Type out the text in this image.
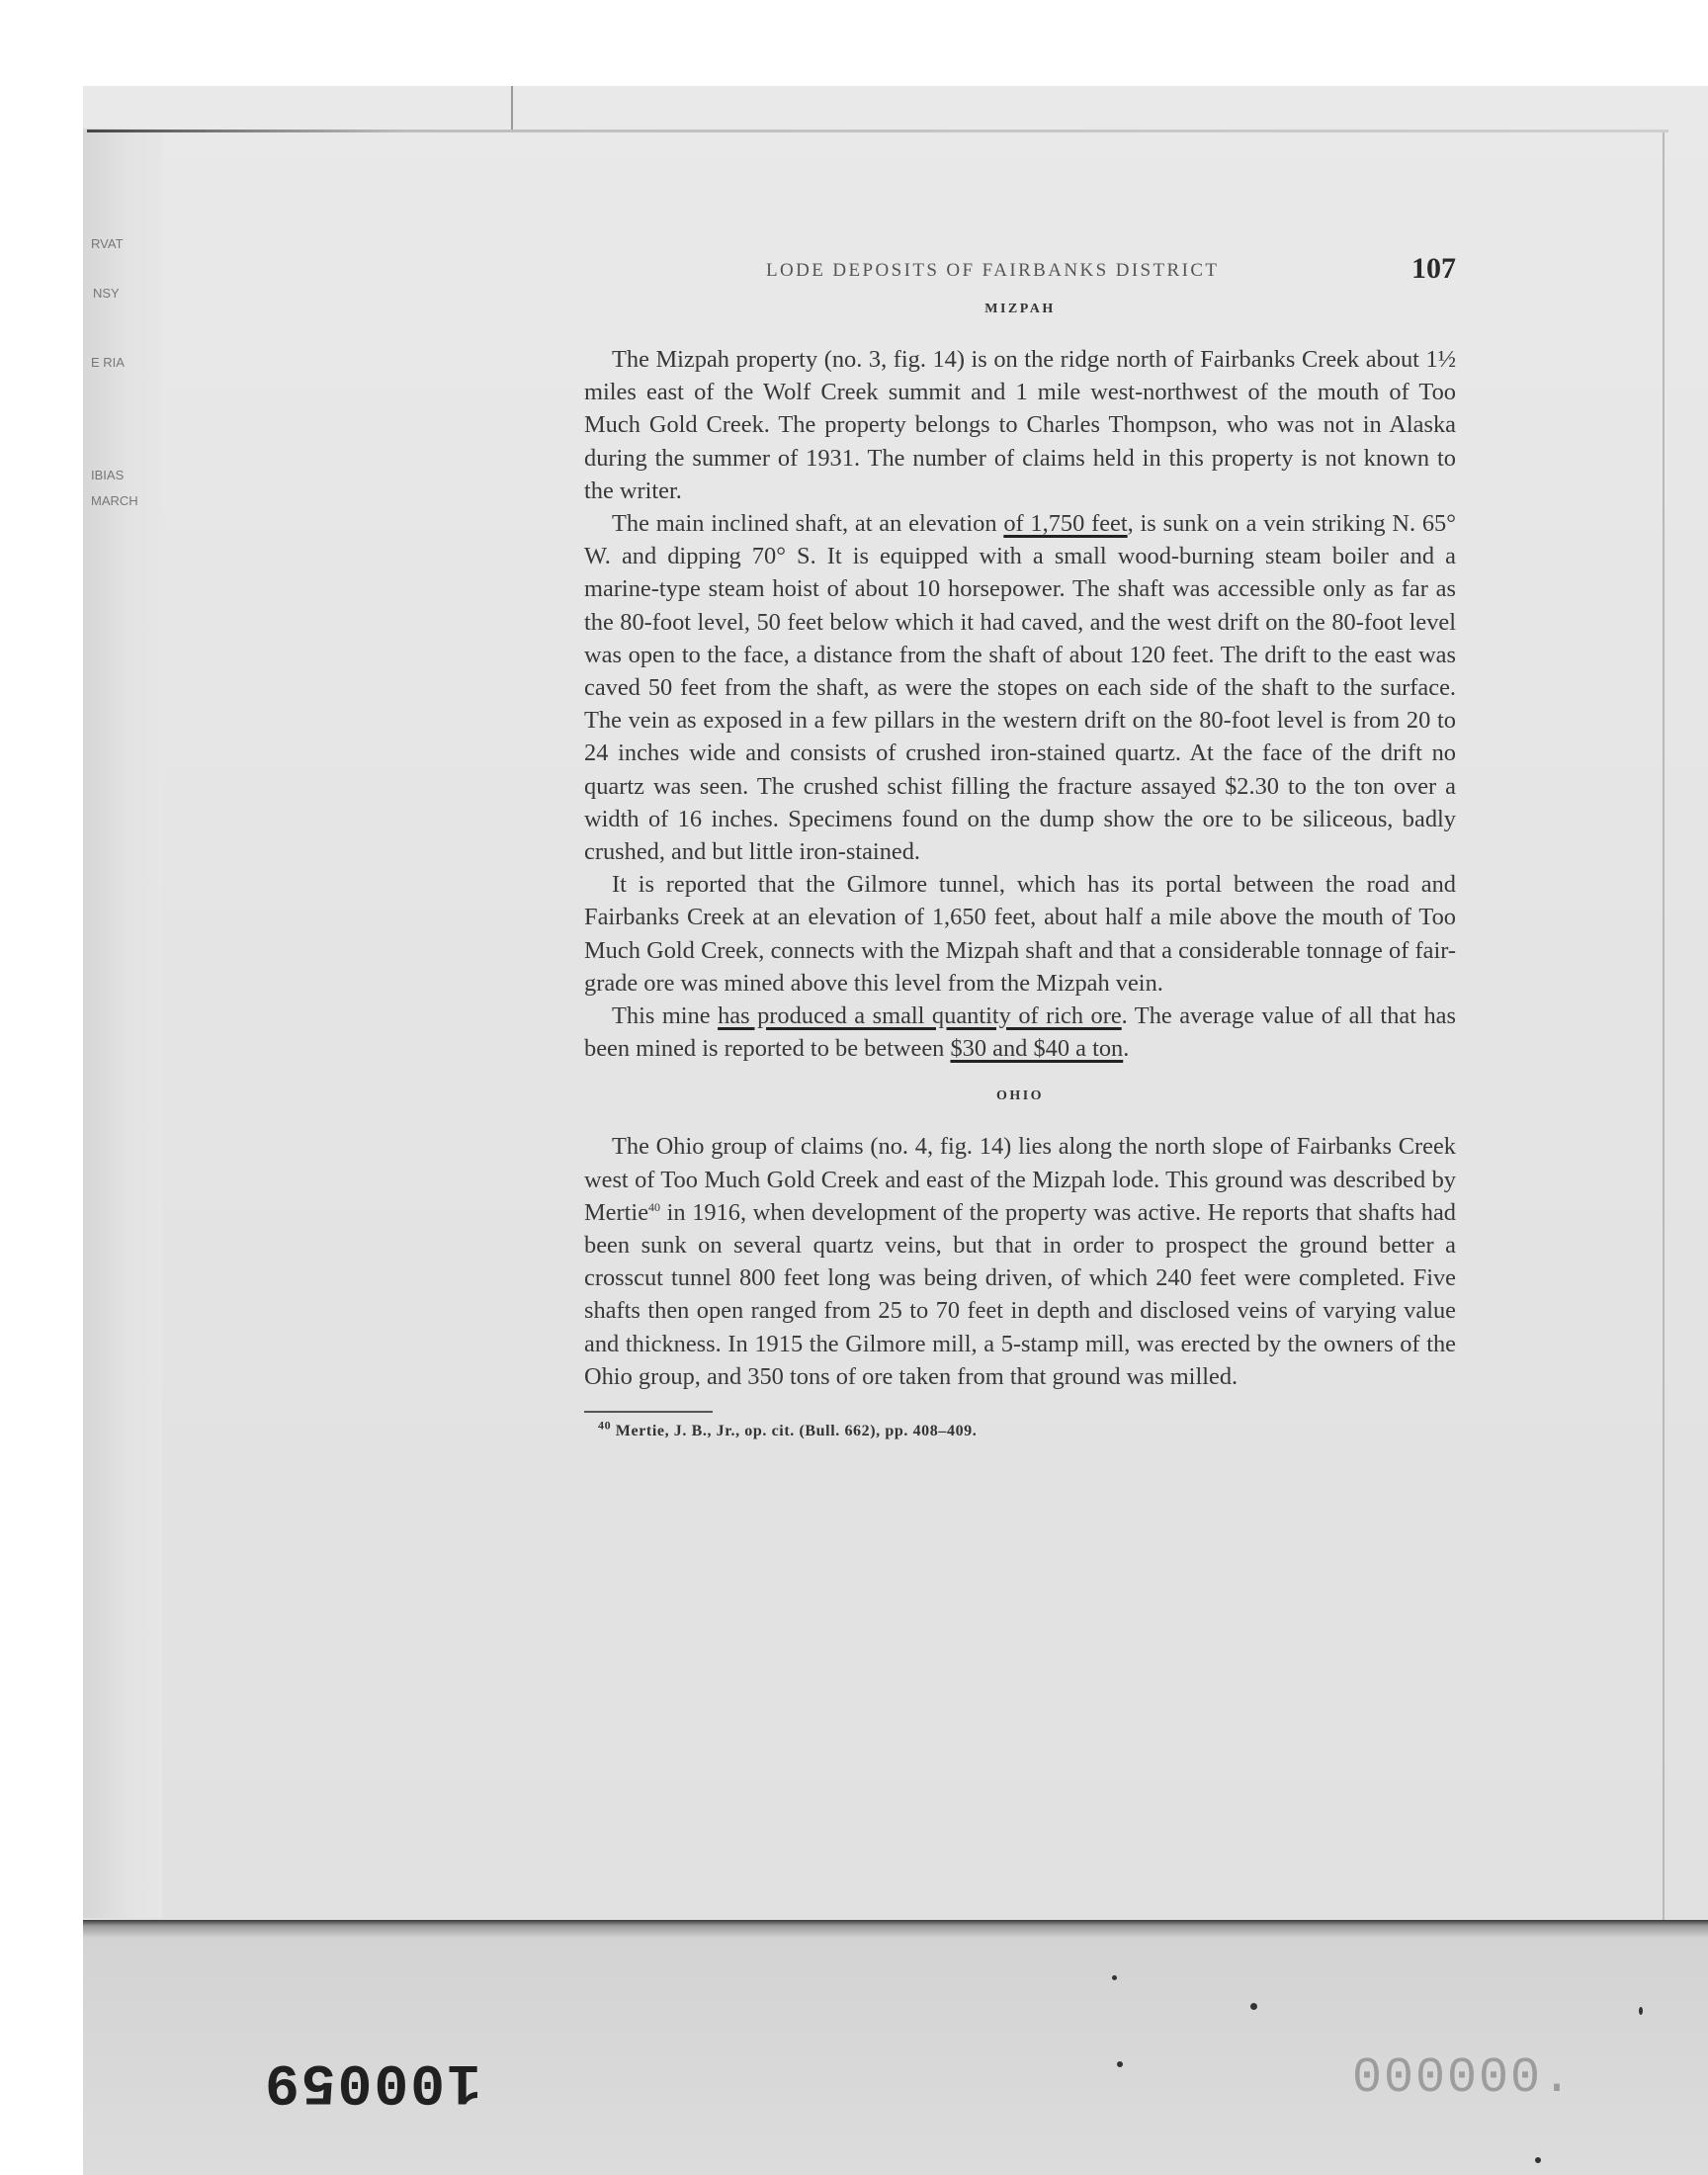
RVAT
NSY
E RIA
IBIAS
MARCH
LODE DEPOSITS OF FAIRBANKS DISTRICT	107
MIZPAH

The Mizpah property (no. 3, fig. 14) is on the ridge north of Fairbanks Creek about 1½ miles east of the Wolf Creek summit and 1 mile west-northwest of the mouth of Too Much Gold Creek. The property belongs to Charles Thompson, who was not in Alaska during the summer of 1931. The number of claims held in this property is not known to the writer.

The main inclined shaft, at an elevation of 1,750 feet, is sunk on a vein striking N. 65° W. and dipping 70° S. It is equipped with a small wood-burning steam boiler and a marine-type steam hoist of about 10 horsepower. The shaft was accessible only as far as the 80-foot level, 50 feet below which it had caved, and the west drift on the 80-foot level was open to the face, a distance from the shaft of about 120 feet. The drift to the east was caved 50 feet from the shaft, as were the stopes on each side of the shaft to the surface. The vein as exposed in a few pillars in the western drift on the 80-foot level is from 20 to 24 inches wide and consists of crushed iron-stained quartz. At the face of the drift no quartz was seen. The crushed schist filling the fracture assayed $2.30 to the ton over a width of 16 inches. Specimens found on the dump show the ore to be siliceous, badly crushed, and but little iron-stained.

It is reported that the Gilmore tunnel, which has its portal between the road and Fairbanks Creek at an elevation of 1,650 feet, about half a mile above the mouth of Too Much Gold Creek, connects with the Mizpah shaft and that a considerable tonnage of fair-grade ore was mined above this level from the Mizpah vein.

This mine has produced a small quantity of rich ore. The average value of all that has been mined is reported to be between $30 and $40 a ton.

OHIO

The Ohio group of claims (no. 4, fig. 14) lies along the north slope of Fairbanks Creek west of Too Much Gold Creek and east of the Mizpah lode. This ground was described by Mertie$^{40}$ in 1916, when development of the property was active. He reports that shafts had been sunk on several quartz veins, but that in order to prospect the ground better a crosscut tunnel 800 feet long was being driven, of which 240 feet were completed. Five shafts then open ranged from 25 to 70 feet in depth and disclosed veins of varying value and thickness. In 1915 the Gilmore mill, a 5-stamp mill, was erected by the owners of the Ohio group, and 350 tons of ore taken from that ground was milled.

$^{40}$ Mertie, J. B., Jr., op. cit. (Bull. 662), pp. 408–409.
100059	000000.
